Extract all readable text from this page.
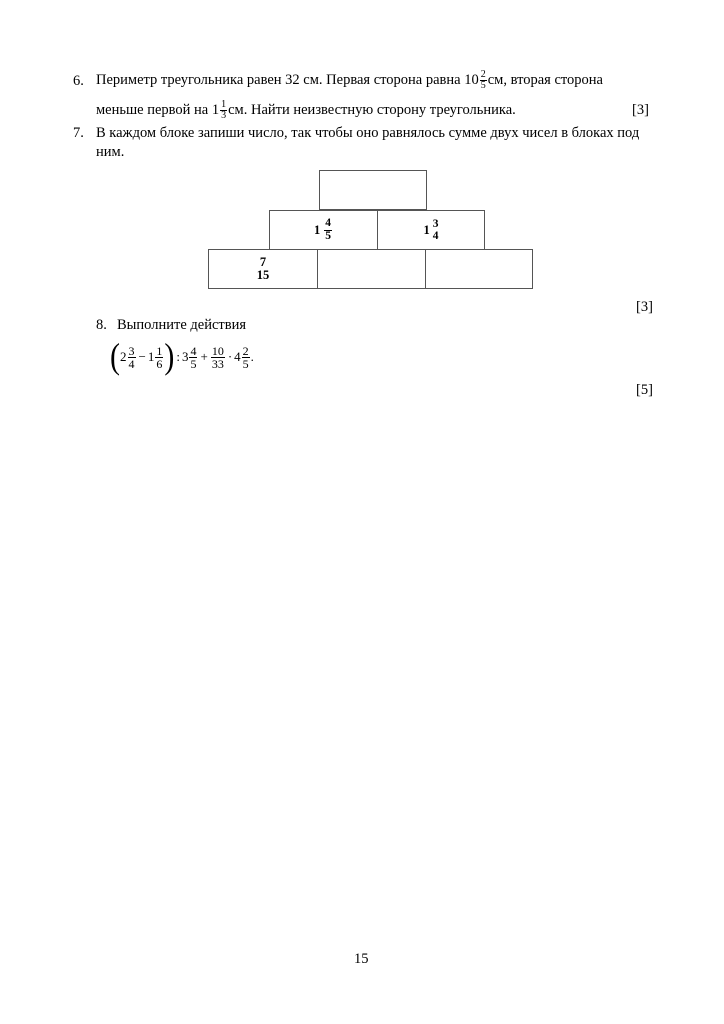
6. Периметр треугольника равен 32 см. Первая сторона равна $10 \frac{2}{5}$ см, вторая сторона
меньше первой на $1 \frac{1}{3}$ см. Найти неизвестную сторону треугольника.	[3]
7. В каждом блоке запиши число, так чтобы оно равнялось сумме двух чисел в блоках под
ним.
$1 \frac{4}{5}$	1 3
4
7
15
[3]
8. Выполните действия
( $2 \frac{3}{4} - 1 \frac{1}{6}$ ) : $3 \frac{4}{5} + \frac{10}{33} \cdot 4 \frac{2}{5}$ .
[5]
15
